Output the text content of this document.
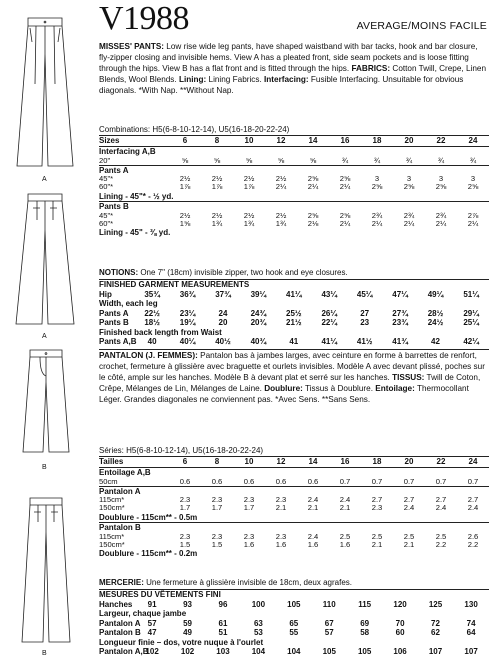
A
A
B
B
V1988	AVERAGE/MOINS FACILE
MISSES' PANTS: Low rise wide leg pants, have shaped waistband with bar tacks, hook and bar closure, fly-zipper closing and invisible hems. View A has a pleated front, side seam pockets and is loose fitting through the hips. View B has a flat front and is fitted through the hips. FABRICS: Cotton Twill, Crepe, Linen Blends, Wool Blends. Lining: Lining Fabrics. Interfacing: Fusible Interfacing. Unsuitable for obvious diagonals. *With Nap. **Without Nap.
Combinations: H5(6-8-10-12-14), U5(16-18-20-22-24)
Sizes	6	8	10	12	14	16	18	20	22	24
Interfacing A,B										
20"	⅝	⅝	⅝	⅝	⅝	¾	¾	¾	¾	¾
Pants A										
45"*	2½	2½	2½	2½	2⅝	2⅝	3	3	3	3
60"*	1⅞	1⅞	1⅞	2¼	2¼	2¼	2⅝	2⅝	2⅝	2⅝
Lining - 45"* - ½ yd.										
Pants B										
45"*	2½	2½	2½	2½	2⅝	2⅝	2¾	2¾	2¾	2⅞
60"*	1⅝	1¾	1¾	1¾	2⅛	2¼	2¼	2¼	2¼	2¼
Lining - 45" - ⅜ yd.										
NOTIONS: One 7" (18cm) invisible zipper, two hook and eye closures.
FINISHED GARMENT MEASUREMENTS										
Hip	35¾	36¾	37¾	39¼	41¼	43¼	45¼	47¼	49¼	51¼
Width, each leg										
Pants A	22½	23¼	24	24¾	25½	26¼	27	27¾	28½	29¼
Pants B	18½	19¼	20	20¾	21½	22¼	23	23¾	24½	25¼
Finished back length from Waist										
Pants A,B	40	40¼	40½	40¾	41	41¼	41½	41¾	42	42¼
PANTALON (J. FEMMES): Pantalon bas à jambes larges, avec ceinture en forme à barrettes de renfort, crochet, fermeture à glissière avec braguette et ourlets invisibles. Modèle A avec devant plissé, poches sur le côté, ample sur les hanches. Modèle B à devant plat et serré sur les hanches. TISSUS: Twill de Coton, Crêpe, Mélanges de Lin, Mélanges de Laine. Doublure: Tissus à Doublure. Entoilage: Thermocollant Léger. Grandes diagonales ne conviennent pas. *Avec Sens. **Sans Sens.
Séries: H5(6-8-10-12-14), U5(16-18-20-22-24)
Tailles	6	8	10	12	14	16	18	20	22	24
Entoilage A,B										
50cm	0.6	0.6	0.6	0.6	0.6	0.7	0.7	0.7	0.7	0.7
Pantalon A										
115cm*	2.3	2.3	2.3	2.3	2.4	2.4	2.7	2.7	2.7	2.7
150cm*	1.7	1.7	1.7	2.1	2.1	2.1	2.3	2.4	2.4	2.4
Doublure - 115cm** - 0.5m										
Pantalon B										
115cm*	2.3	2.3	2.3	2.3	2.4	2.5	2.5	2.5	2.5	2.6
150cm*	1.5	1.5	1.6	1.6	1.6	1.6	2.1	2.1	2.2	2.2
Doublure - 115cm** - 0.2m										
MERCERIE: Une fermeture à glissière invisible de 18cm, deux agrafes.
MESURES DU VÊTEMENTS FINI										
Hanches	91	93	96	100	105	110	115	120	125	130
Largeur, chaque jambe										
Pantalon A	57	59	61	63	65	67	69	70	72	74
Pantalon B	47	49	51	53	55	57	58	60	62	64
Longueur finie – dos, votre nuque à l'ourlet										
Pantalon A,B	102	102	103	104	104	105	105	106	107	107
